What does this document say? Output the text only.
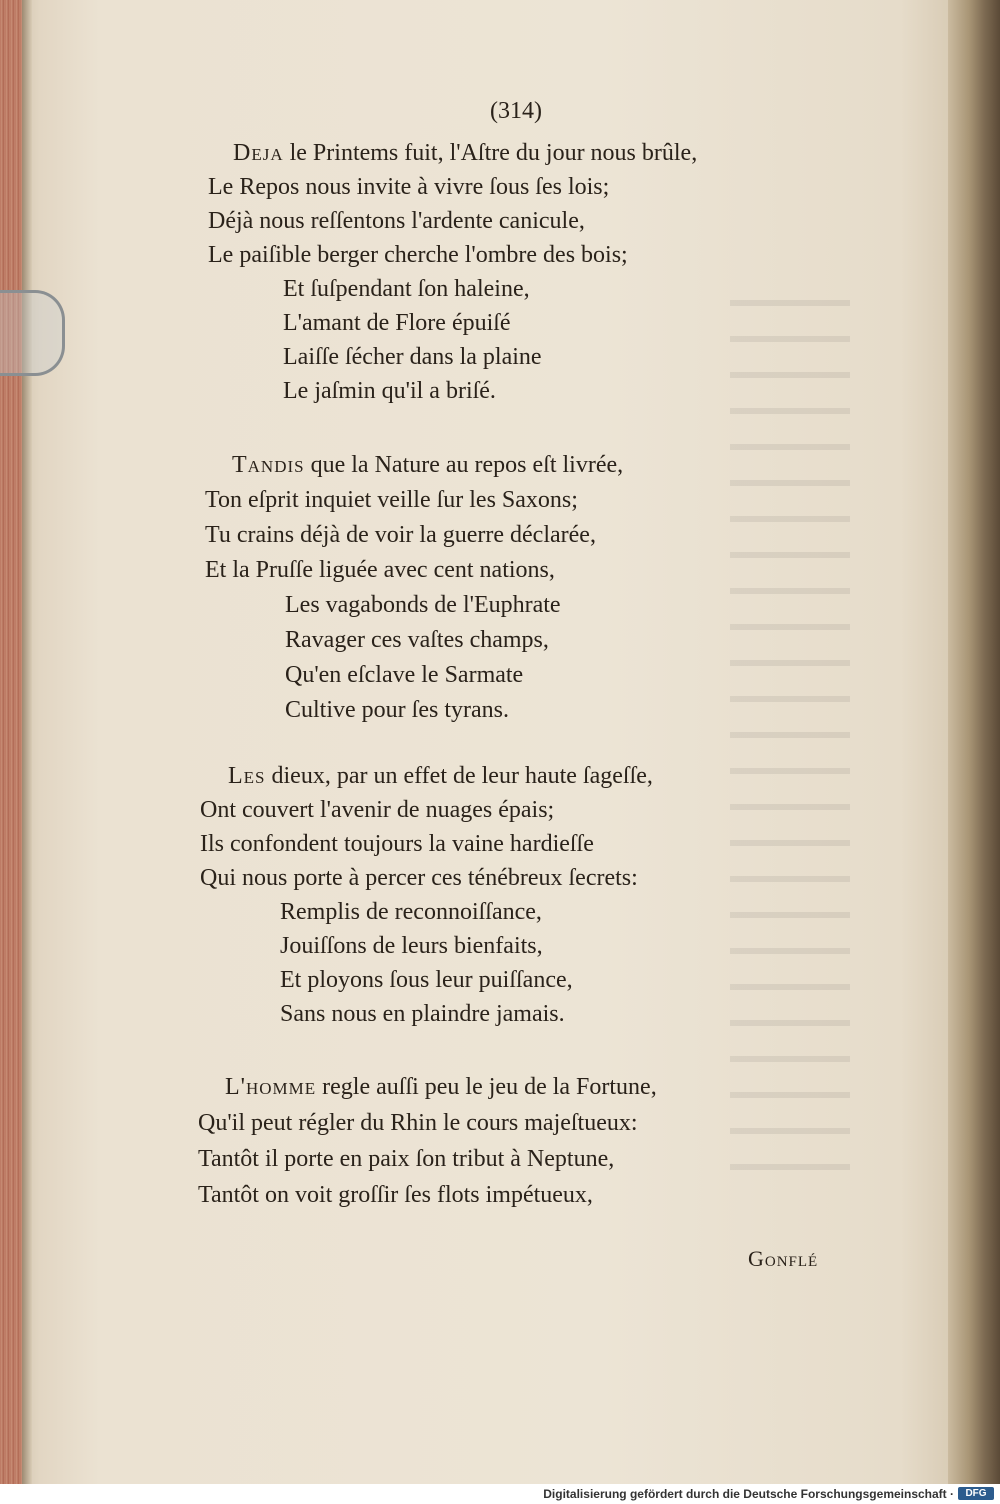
(314)
Deja le Printems fuit, l'Aſtre du jour nous brûle,
Le Repos nous invite à vivre ſous ſes lois;
Déjà nous reſſentons l'ardente canicule,
Le paiſible berger cherche l'ombre des bois;
Et ſuſpendant ſon haleine,
L'amant de Flore épuiſé
Laiſſe ſécher dans la plaine
Le jaſmin qu'il a briſé.
Tandis que la Nature au repos eſt livrée,
Ton eſprit inquiet veille ſur les Saxons;
Tu crains déjà de voir la guerre déclarée,
Et la Pruſſe liguée avec cent nations,
Les vagabonds de l'Euphrate
Ravager ces vaſtes champs,
Qu'en eſclave le Sarmate
Cultive pour ſes tyrans.
Les dieux, par un effet de leur haute ſageſſe,
Ont couvert l'avenir de nuages épais;
Ils confondent toujours la vaine hardieſſe
Qui nous porte à percer ces ténébreux ſecrets:
Remplis de reconnoiſſance,
Jouiſſons de leurs bienfaits,
Et ployons ſous leur puiſſance,
Sans nous en plaindre jamais.
L'homme regle auſſi peu le jeu de la Fortune,
Qu'il peut régler du Rhin le cours majeſtueux:
Tantôt il porte en paix ſon tribut à Neptune,
Tantôt on voit groſſir ſes flots impétueux,
Gonflé
Digitalisierung gefördert durch die Deutsche Forschungsgemeinschaft ·	DFG
